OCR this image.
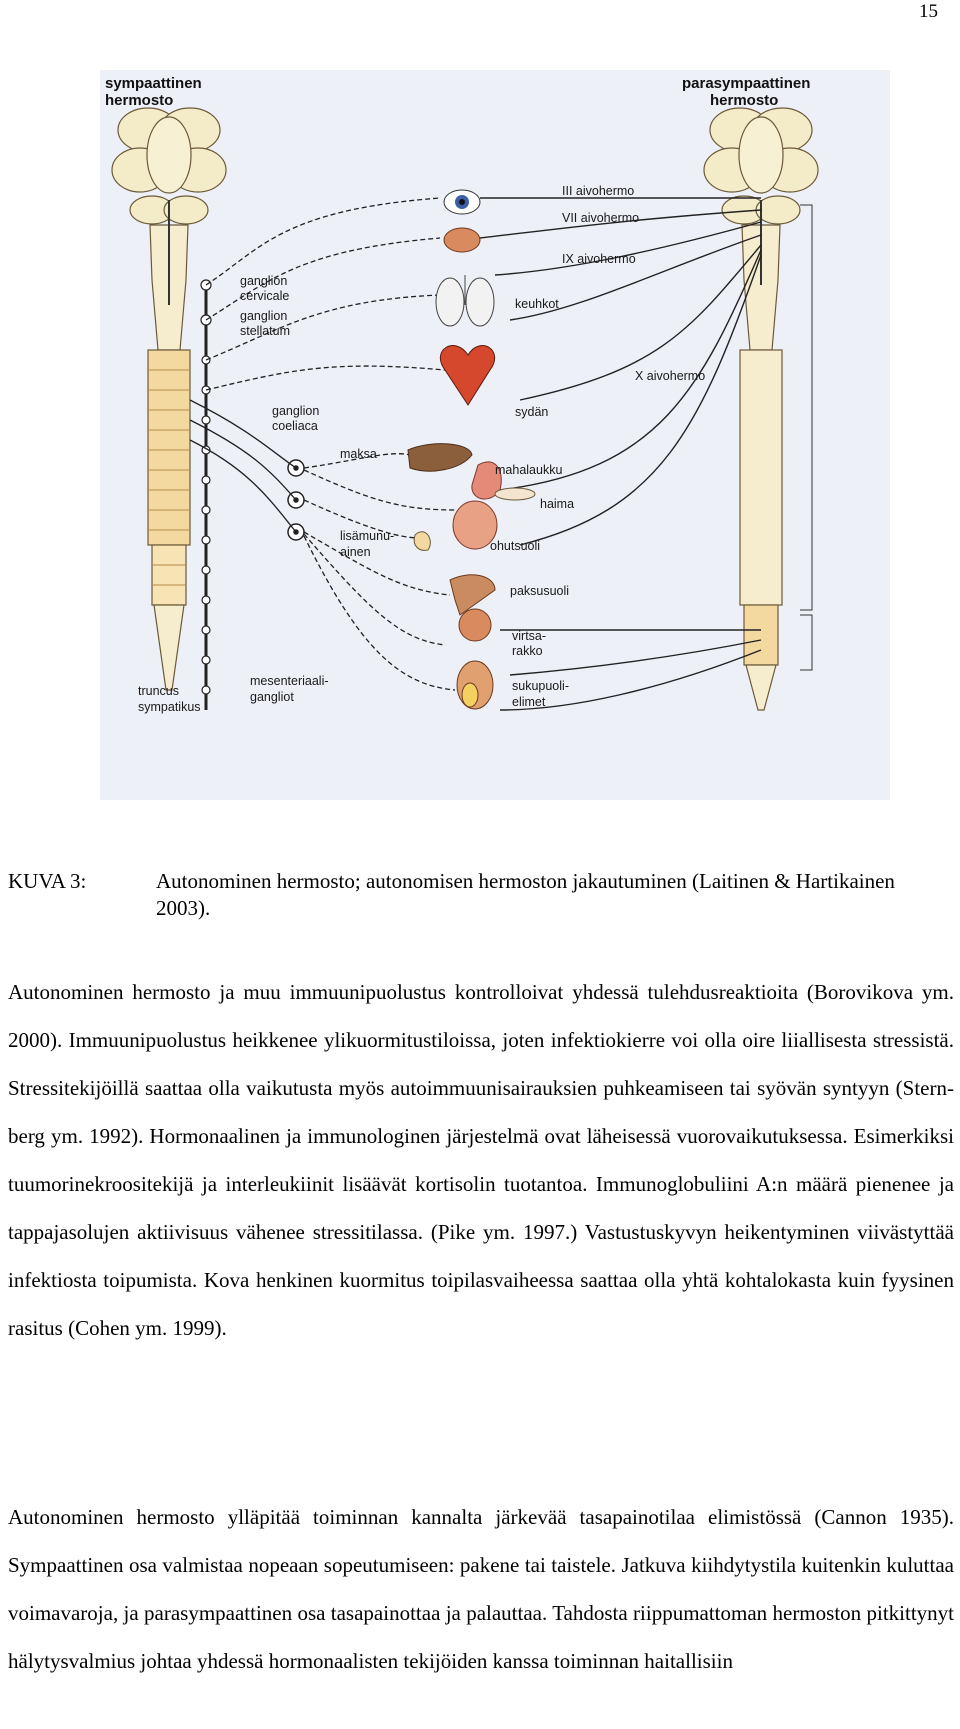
15
sympaattinen
hermosto
parasympaattinen
hermosto
ganglion
cervicale
ganglion
stellatum
ganglion
coeliaca
maksa
lisämunu-
ainen
mesenteriaali-
gangliot
truncus
sympatikus
III aivohermo
VII aivohermo
IX aivohermo
keuhkot
X aivohermo
sydän
mahalaukku
haima
ohutsuoli
paksusuoli
virtsa-
rakko
sukupuoli-
elimet
KUVA 3:	Autonominen hermosto; autonomisen hermoston jakautuminen (Laitinen & Hartikainen 2003).

Autonominen hermosto ja muu immuunipuolustus kontrolloivat yhdessä tulehdusreaktioita (Borovikova ym. 2000). Immuunipuolustus heikkenee ylikuormitustiloissa, joten infektiokierre voi olla oire liiallisesta stressistä. Stressitekijöillä saattaa olla vaikutusta myös autoimmuunisairauksien puhkeamiseen tai syövän syntyyn (Sternberg ym. 1992). Hormonaalinen ja immunologinen järjestelmä ovat läheisessä vuorovaikutuksessa. Esimerkiksi tuumorinekroositekijä ja interleukiinit lisäävät kortisolin tuotantoa. Immunoglobuliini A:n määrä pienenee ja tappajasolujen aktiivisuus vähenee stressitilassa. (Pike ym. 1997.) Vastustuskyvyn heikentyminen viivästyttää infektiosta toipumista. Kova henkinen kuormitus toipilasvaiheessa saattaa olla yhtä kohtalokasta kuin fyysinen rasitus (Cohen ym. 1999).

Autonominen hermosto ylläpitää toiminnan kannalta järkevää tasapainotilaa elimistössä (Cannon 1935). Sympaattinen osa valmistaa nopeaan sopeutumiseen: pakene tai taistele. Jatkuva kiihdytystila kuitenkin kuluttaa voimavaroja, ja parasympaattinen osa tasapainottaa ja palauttaa. Tahdosta riippumattoman hermoston pitkittynyt hälytysvalmius johtaa yhdessä hormonaalisten tekijöiden kanssa toiminnan haitallisiin
